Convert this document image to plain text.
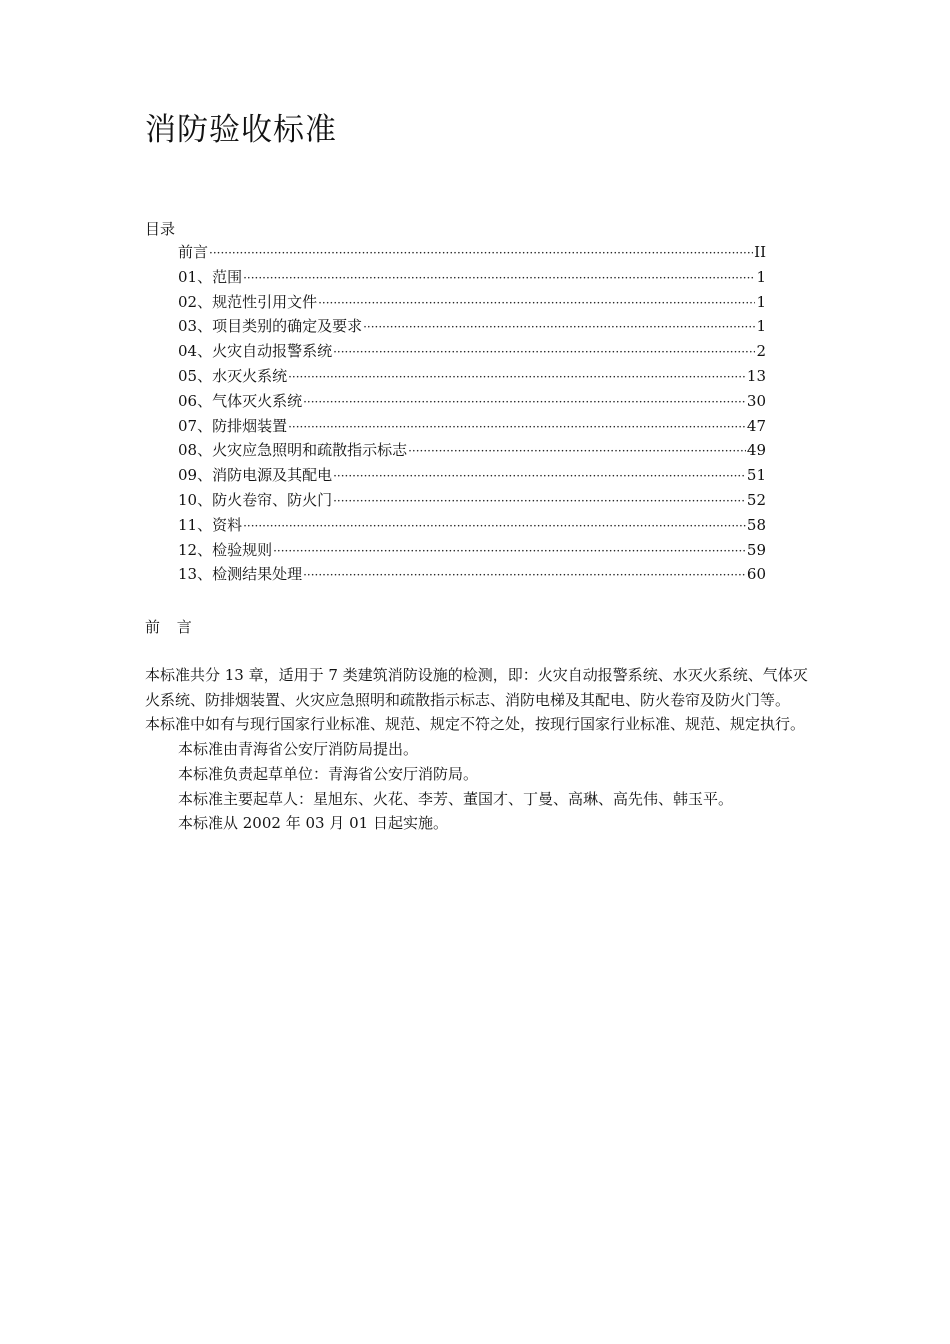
消防验收标准
目录
前言 ·····	II
01、范围 ·····	1
02、规范性引用文件 ·····	1
03、项目类别的确定及要求 ·····	1
04、火灾自动报警系统 ·····	2
05、水灭火系统 ·····	13
06、气体灭火系统 ·····	30
07、防排烟装置 ·····	47
08、火灾应急照明和疏散指示标志 ·····	49
09、消防电源及其配电 ·····	51
10、防火卷帘、防火门 ·····	52
11、资料 ·····	58
12、检验规则 ·····	59
13、检测结果处理 ·····	60
前 言

本标准共分 13 章，适用于 7 类建筑消防设施的检测，即：火灾自动报警系统、水灭火系统、气体灭火系统、防排烟装置、火灾应急照明和疏散指示标志、消防电梯及其配电、防火卷帘及防火门等。

本标准中如有与现行国家行业标准、规范、规定不符之处，按现行国家行业标准、规范、规定执行。

本标准由青海省公安厅消防局提出。

本标准负责起草单位：青海省公安厅消防局。

本标准主要起草人：星旭东、火花、李芳、董国才、丁曼、高琳、高先伟、韩玉平。

本标准从 2002 年 03 月 01 日起实施。
